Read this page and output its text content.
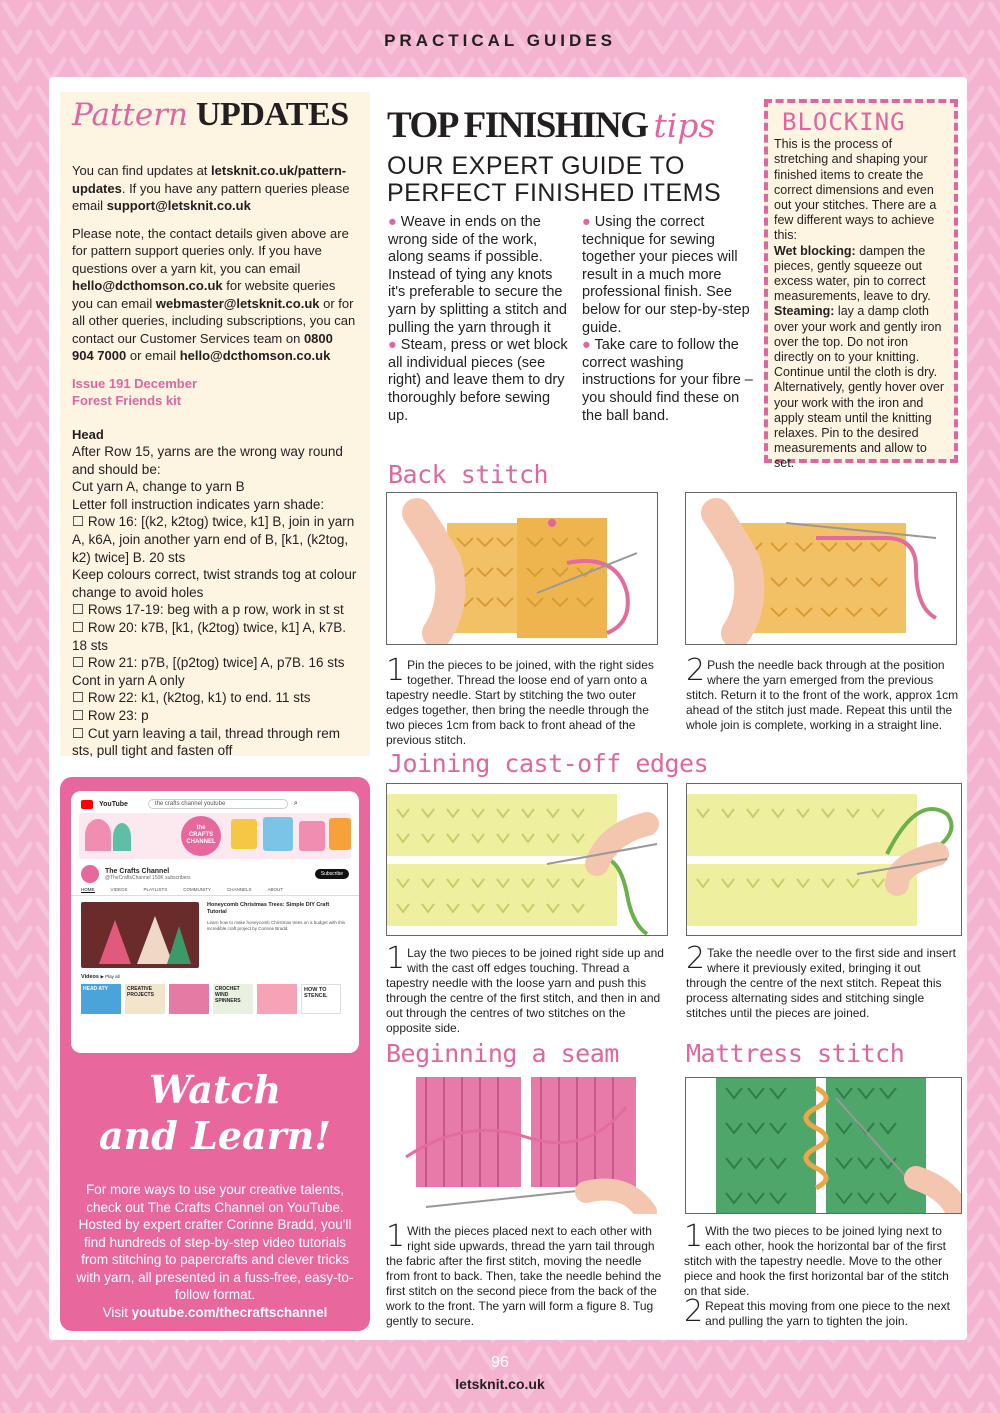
PRACTICAL GUIDES
Pattern UPDATES

You can find updates at letsknit.co.uk/pattern-updates. If you have any pattern queries please email support@letsknit.co.uk

Please note, the contact details given above are for pattern support queries only. If you have questions over a yarn kit, you can email hello@dcthomson.co.uk for website queries you can email webmaster@letsknit.co.uk or for all other queries, including subscriptions, you can contact our Customer Services team on 0800 904 7000 or email hello@dcthomson.co.uk

Issue 191 December
Forest Friends kit
Head
After Row 15, yarns are the wrong way round and should be:
Cut yarn A, change to yarn B
Letter foll instruction indicates yarn shade:
☐ Row 16: [(k2, k2tog) twice, k1] B, join in yarn A, k6A, join another yarn end of B, [k1, (k2tog, k2) twice] B. 20 sts
Keep colours correct, twist strands tog at colour change to avoid holes
☐ Rows 17-19: beg with a p row, work in st st
☐ Row 20: k7B, [k1, (k2tog) twice, k1] A, k7B. 18 sts
☐ Row 21: p7B, [(p2tog) twice] A, p7B. 16 sts
Cont in yarn A only
☐ Row 22: k1, (k2tog, k1) to end. 11 sts
☐ Row 23: p
☐ Cut yarn leaving a tail, thread through rem sts, pull tight and fasten off
YouTube	the crafts channel youtube	⌕
the
CRAFTS
CHANNEL
The Crafts Channel
@TheCraftsChannel 150K subscribers
Subscribe
HOME	VIDEOS	PLAYLISTS	COMMUNITY	CHANNELS	ABOUT
Honeycomb Christmas Trees: Simple DIY Craft Tutorial
Learn how to make honeycomb Christmas trees on a budget with this incredible craft project by Corinne Bradd.
Videos ▶ Play all
HEAD ATY	CREATIVE PROJECTS
CROCHET WIND SPINNERS
HOW TO STENCIL
Watch
and Learn!
For more ways to use your creative talents, check out The Crafts Channel on YouTube. Hosted by expert crafter Corinne Bradd, you'll find hundreds of step-by-step video tutorials from stitching to papercrafts and clever tricks with yarn, all presented in a fuss-free, easy-to-follow format.
Visit youtube.com/thecraftschannel
TOP FINISHING tips
OUR EXPERT GUIDE TO
PERFECT FINISHED ITEMS

● Weave in ends on the wrong side of the work, along seams if possible. Instead of tying any knots it's preferable to secure the yarn by splitting a stitch and pulling the yarn through it

● Steam, press or wet block all individual pieces (see right) and leave them to dry thoroughly before sewing up.

● Using the correct technique for sewing together your pieces will result in a much more professional finish. See below for our step-by-step guide.

● Take care to follow the correct washing instructions for your fibre – you should find these on the ball band.

BLOCKING
This is the process of stretching and shaping your finished items to create the correct dimensions and even out your stitches. There are a few different ways to achieve this:
Wet blocking: dampen the pieces, gently squeeze out excess water, pin to correct measurements, leave to dry.
Steaming: lay a damp cloth over your work and gently iron over the top. Do not iron directly on to your knitting. Continue until the cloth is dry. Alternatively, gently hover over your work with the iron and apply steam until the knitting relaxes. Pin to the desired measurements and allow to set.
Back stitch
1 Pin the pieces to be joined, with the right sides together. Thread the loose end of yarn onto a tapestry needle. Start by stitching the two outer edges together, then bring the needle through the two pieces 1cm from back to front ahead of the previous stitch.
2 Push the needle back through at the position where the yarn emerged from the previous stitch. Return it to the front of the work, approx 1cm ahead of the stitch just made. Repeat this until the whole join is complete, working in a straight line.
Joining cast-off edges
1 Lay the two pieces to be joined right side up and with the cast off edges touching. Thread a tapestry needle with the loose yarn and push this through the centre of the first stitch, and then in and out through the centres of two stitches on the opposite side.
2 Take the needle over to the first side and insert where it previously exited, bringing it out through the centre of the next stitch. Repeat this process alternating sides and stitching single stitches until the pieces are joined.
Beginning a seam
1 With the pieces placed next to each other with right side upwards, thread the yarn tail through the fabric after the first stitch, moving the needle from front to back. Then, take the needle behind the first stitch on the second piece from the back of the work to the front. The yarn will form a figure 8. Tug gently to secure.
Mattress stitch
1 With the two pieces to be joined lying next to each other, hook the horizontal bar of the first stitch with the tapestry needle. Move to the other piece and hook the first horizontal bar of the stitch on that side.
2 Repeat this moving from one piece to the next and pulling the yarn to tighten the join.
96
letsknit.co.uk
